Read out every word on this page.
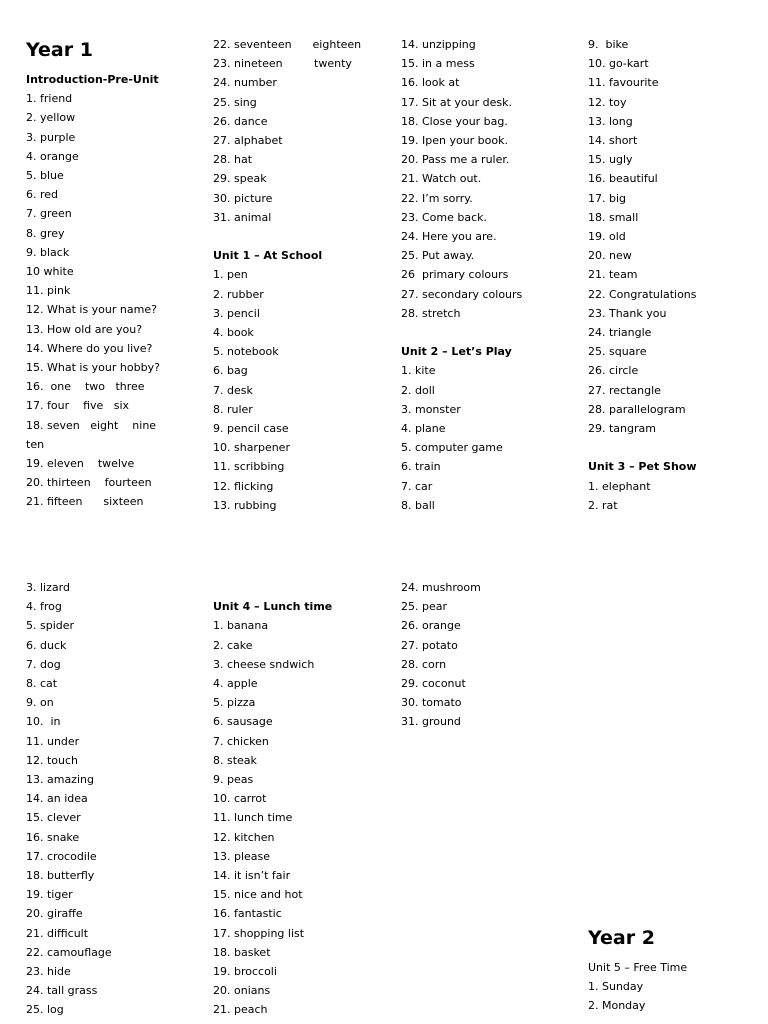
Year 1
Introduction-Pre-Unit
1. friend
2. yellow
3. purple
4. orange
5. blue
6. red
7. green
8. grey
9. black
10 white
11. pink
12. What is your name?
13. How old are you?
14. Where do you live?
15. What is your hobby?
16.  one    two   three
17. four    five   six
18. seven   eight    nine
ten
19. eleven    twelve
20. thirteen    fourteen
21. fifteen      sixteen
22. seventeen      eighteen
23. nineteen         twenty
24. number
25. sing
26. dance
27. alphabet
28. hat
29. speak
30. picture
31. animal
Unit 1 – At School
1. pen
2. rubber
3. pencil
4. book
5. notebook
6. bag
7. desk
8. ruler
9. pencil case
10. sharpener
11. scribbing
12. flicking
13. rubbing
14. unzipping
15. in a mess
16. look at
17. Sit at your desk.
18. Close your bag.
19. Ipen your book.
20. Pass me a ruler.
21. Watch out.
22. I’m sorry.
23. Come back.
24. Here you are.
25. Put away.
26  primary colours
27. secondary colours
28. stretch
Unit 2 – Let’s Play
1. kite
2. doll
3. monster
4. plane
5. computer game
6. train
7. car
8. ball
9.  bike
10. go-kart
11. favourite
12. toy
13. long
14. short
15. ugly
16. beautiful
17. big
18. small
19. old
20. new
21. team
22. Congratulations
23. Thank you
24. triangle
25. square
26. circle
27. rectangle
28. parallelogram
29. tangram
Unit 3 – Pet Show
1. elephant
2. rat
3. lizard
4. frog
5. spider
6. duck
7. dog
8. cat
9. on
10.  in
11. under
12. touch
13. amazing
14. an idea
15. clever
16. snake
17. crocodile
18. butterfly
19. tiger
20. giraffe
21. difficult
22. camouflage
23. hide
24. tall grass
25. log
Unit 4 – Lunch time
1. banana
2. cake
3. cheese sndwich
4. apple
5. pizza
6. sausage
7. chicken
8. steak
9. peas
10. carrot
11. lunch time
12. kitchen
13. please
14. it isn’t fair
15. nice and hot
16. fantastic
17. shopping list
18. basket
19. broccoli
20. onians
21. peach
24. mushroom
25. pear
26. orange
27. potato
28. corn
29. coconut
30. tomato
31. ground
Year 2
Unit 5 – Free Time
1. Sunday
2. Monday
